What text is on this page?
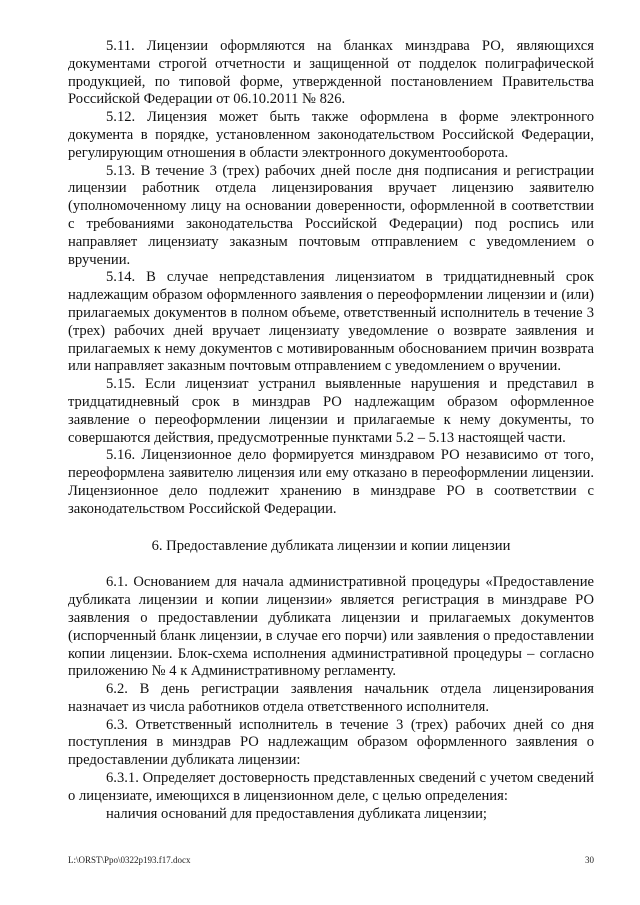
5.11. Лицензии оформляются на бланках минздрава РО, являющихся документами строгой отчетности и защищенной от подделок полиграфической продукцией, по типовой форме, утвержденной постановлением Правительства Российской Федерации от 06.10.2011 № 826.

5.12. Лицензия может быть также оформлена в форме электронного документа в порядке, установленном законодательством Российской Федерации, регулирующим отношения в области электронного документооборота.

5.13. В течение 3 (трех) рабочих дней после дня подписания и регистрации лицензии работник отдела лицензирования вручает лицензию заявителю (уполномоченному лицу на основании доверенности, оформленной в соответствии с требованиями законодательства Российской Федерации) под роспись или направляет лицензиату заказным почтовым отправлением с уведомлением о вручении.

5.14. В случае непредставления лицензиатом в тридцатидневный срок надлежащим образом оформленного заявления о переоформлении лицензии и (или) прилагаемых документов в полном объеме, ответственный исполнитель в течение 3 (трех) рабочих дней вручает лицензиату уведомление о возврате заявления и прилагаемых к нему документов с мотивированным обоснованием причин возврата или направляет заказным почтовым отправлением с уведомлением о вручении.

5.15. Если лицензиат устранил выявленные нарушения и представил в тридцатидневный срок в минздрав РО надлежащим образом оформленное заявление о переоформлении лицензии и прилагаемые к нему документы, то совершаются действия, предусмотренные пунктами 5.2 – 5.13 настоящей части.

5.16. Лицензионное дело формируется минздравом РО независимо от того, переоформлена заявителю лицензия или ему отказано в переоформлении лицензии. Лицензионное дело подлежит хранению в минздраве РО в соответствии с законодательством Российской Федерации.

6. Предоставление дубликата лицензии и копии лицензии

6.1. Основанием для начала административной процедуры «Предоставление дубликата лицензии и копии лицензии» является регистрация в минздраве РО заявления о предоставлении дубликата лицензии и прилагаемых документов (испорченный бланк лицензии, в случае его порчи) или заявления о предоставлении копии лицензии. Блок-схема исполнения административной процедуры – согласно приложению № 4 к Административному регламенту.

6.2. В день регистрации заявления начальник отдела лицензирования назначает из числа работников отдела ответственного исполнителя.

6.3. Ответственный исполнитель в течение 3 (трех) рабочих дней со дня поступления в минздрав РО надлежащим образом оформленного заявления о предоставлении дубликата лицензии:

6.3.1. Определяет достоверность представленных сведений с учетом сведений о лицензиате, имеющихся в лицензионном деле, с целью определения:

наличия оснований для предоставления дубликата лицензии;

L:\ORST\Ppo\0322p193.f17.docx	30
